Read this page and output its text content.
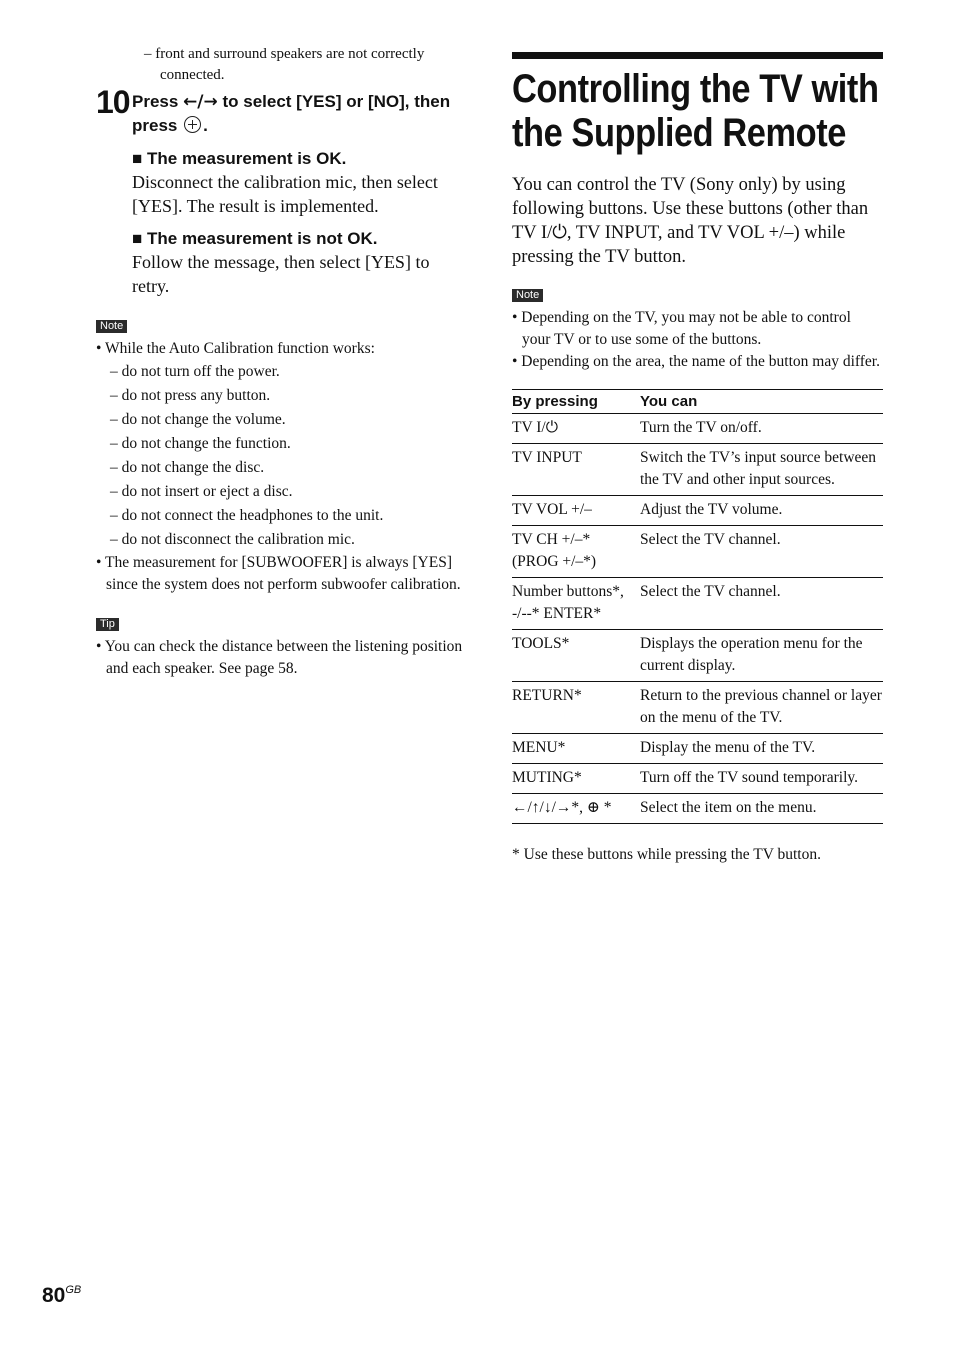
– front and surround speakers are not correctly connected.
10 Press ←/→ to select [YES] or [NO], then press .
■ The measurement is OK.
Disconnect the calibration mic, then select [YES]. The result is implemented.
■ The measurement is not OK.
Follow the message, then select [YES] to retry.
Note
• While the Auto Calibration function works:
– do not turn off the power.
– do not press any button.
– do not change the volume.
– do not change the function.
– do not change the disc.
– do not insert or eject a disc.
– do not connect the headphones to the unit.
– do not disconnect the calibration mic.
• The measurement for [SUBWOOFER] is always [YES] since the system does not perform subwoofer calibration.
Tip
• You can check the distance between the listening position and each speaker. See page 58.
Controlling the TV with the Supplied Remote
You can control the TV (Sony only) by using following buttons. Use these buttons (other than TV I/⏻, TV INPUT, and TV VOL +/–) while pressing the TV button.
Note
• Depending on the TV, you may not be able to control your TV or to use some of the buttons.
• Depending on the area, the name of the button may differ.
By pressing	You can
TV I/⏻	Turn the TV on/off.
TV INPUT	Switch the TV’s input source between the TV and other input sources.
TV VOL +/–	Adjust the TV volume.
TV CH +/–* (PROG +/–*)	Select the TV channel.
Number buttons*, -/--* ENTER*	Select the TV channel.
TOOLS*	Displays the operation menu for the current display.
RETURN*	Return to the previous channel or layer on the menu of the TV.
MENU*	Display the menu of the TV.
MUTING*	Turn off the TV sound temporarily.
←/↑/↓/→*, ⊕ *	Select the item on the menu.
* Use these buttons while pressing the TV button.
$80^{GB}$
